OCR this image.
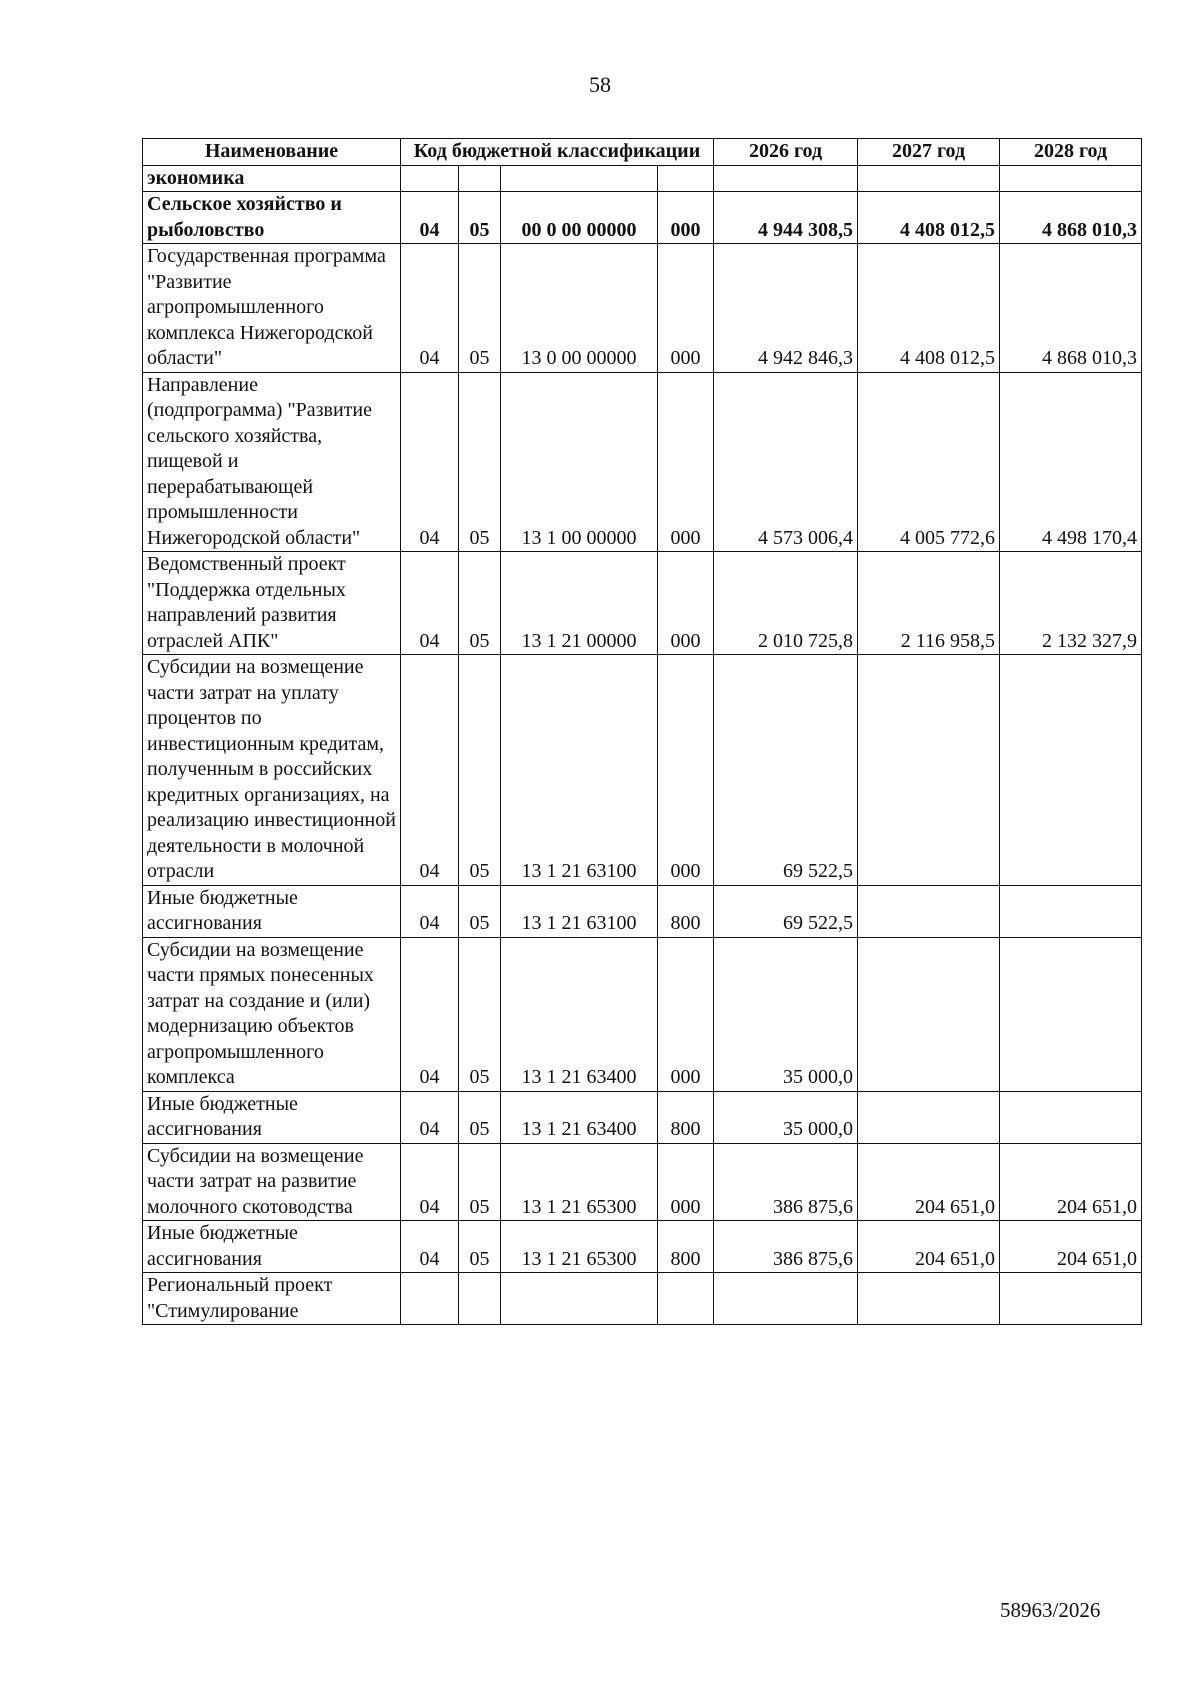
58
Наименование	Код бюджетной классификации				2026 год	2027 год	2028 год
экономика							
Сельское хозяйство и рыболовство	04	05	00 0 00 00000	000	4 944 308,5	4 408 012,5	4 868 010,3
Государственная программа "Развитие агропромышленного комплекса Нижегородской области"	04	05	13 0 00 00000	000	4 942 846,3	4 408 012,5	4 868 010,3
Направление (подпрограмма) "Развитие сельского хозяйства, пищевой и перерабатывающей промышленности Нижегородской области"	04	05	13 1 00 00000	000	4 573 006,4	4 005 772,6	4 498 170,4
Ведомственный проект "Поддержка отдельных направлений развития отраслей АПК"	04	05	13 1 21 00000	000	2 010 725,8	2 116 958,5	2 132 327,9
Субсидии на возмещение части затрат на уплату процентов по инвестиционным кредитам, полученным в российских кредитных организациях, на реализацию инвестиционной деятельности в молочной отрасли	04	05	13 1 21 63100	000	69 522,5		
Иные бюджетные ассигнования	04	05	13 1 21 63100	800	69 522,5		
Субсидии на возмещение части прямых понесенных затрат на создание и (или) модернизацию объектов агропромышленного комплекса	04	05	13 1 21 63400	000	35 000,0		
Иные бюджетные ассигнования	04	05	13 1 21 63400	800	35 000,0		
Субсидии на возмещение части затрат на развитие молочного скотоводства	04	05	13 1 21 65300	000	386 875,6	204 651,0	204 651,0
Иные бюджетные ассигнования	04	05	13 1 21 65300	800	386 875,6	204 651,0	204 651,0
Региональный проект "Стимулирование							
58963/2026
